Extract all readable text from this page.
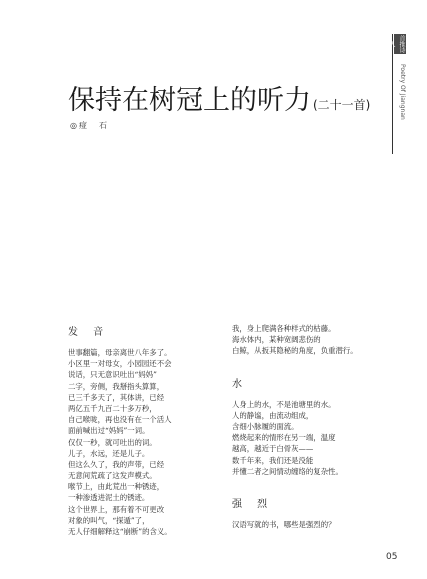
首推诗人
Poetry Of Jiangnan
保持在树冠上的听力 (二十一首)
◎痖　石
发 音
世事翻篇，母亲离世八年多了。
小区里一对母女，小园园还不会
说话，只无意识吐出“妈妈”
二字，旁侧，我掰指头算算，
已三千多天了，其体讲，已经
两亿五千九百二十多万秒，
自己喉咙，再也没有在一个活人
面前喊出过“妈妈”一词。
仅仅一秒，就可吐出的词。
儿子，水远，还是儿子。
但这么久了，我的声带，已经
无意间荒疏了这发声模式。
喉节上，由此荒出一种锈迹，
一种渗透进泥土的锈迹。
这个世界上，那有着不可更改
对象的叫气，“探遁”了，
无人仔细解释这“崩断”的含义。
我，身上爬满各种样式的枯藤。
海水体内，某种宽阔悲伤的
白鲸，从扳其隐秘的角度，负重潜行。
水
人身上的水，不是池塘里的水。
人的静谧，由流动组成，
含细小脉履的面流。
燃烧起来的情形在另一端，温度
越高，越近于白骨灰——
数千年来，我们还是没能
并懂二者之间情动缠络的复杂性。
强 烈
汉语写就的书，哪些是强烈的？
05
